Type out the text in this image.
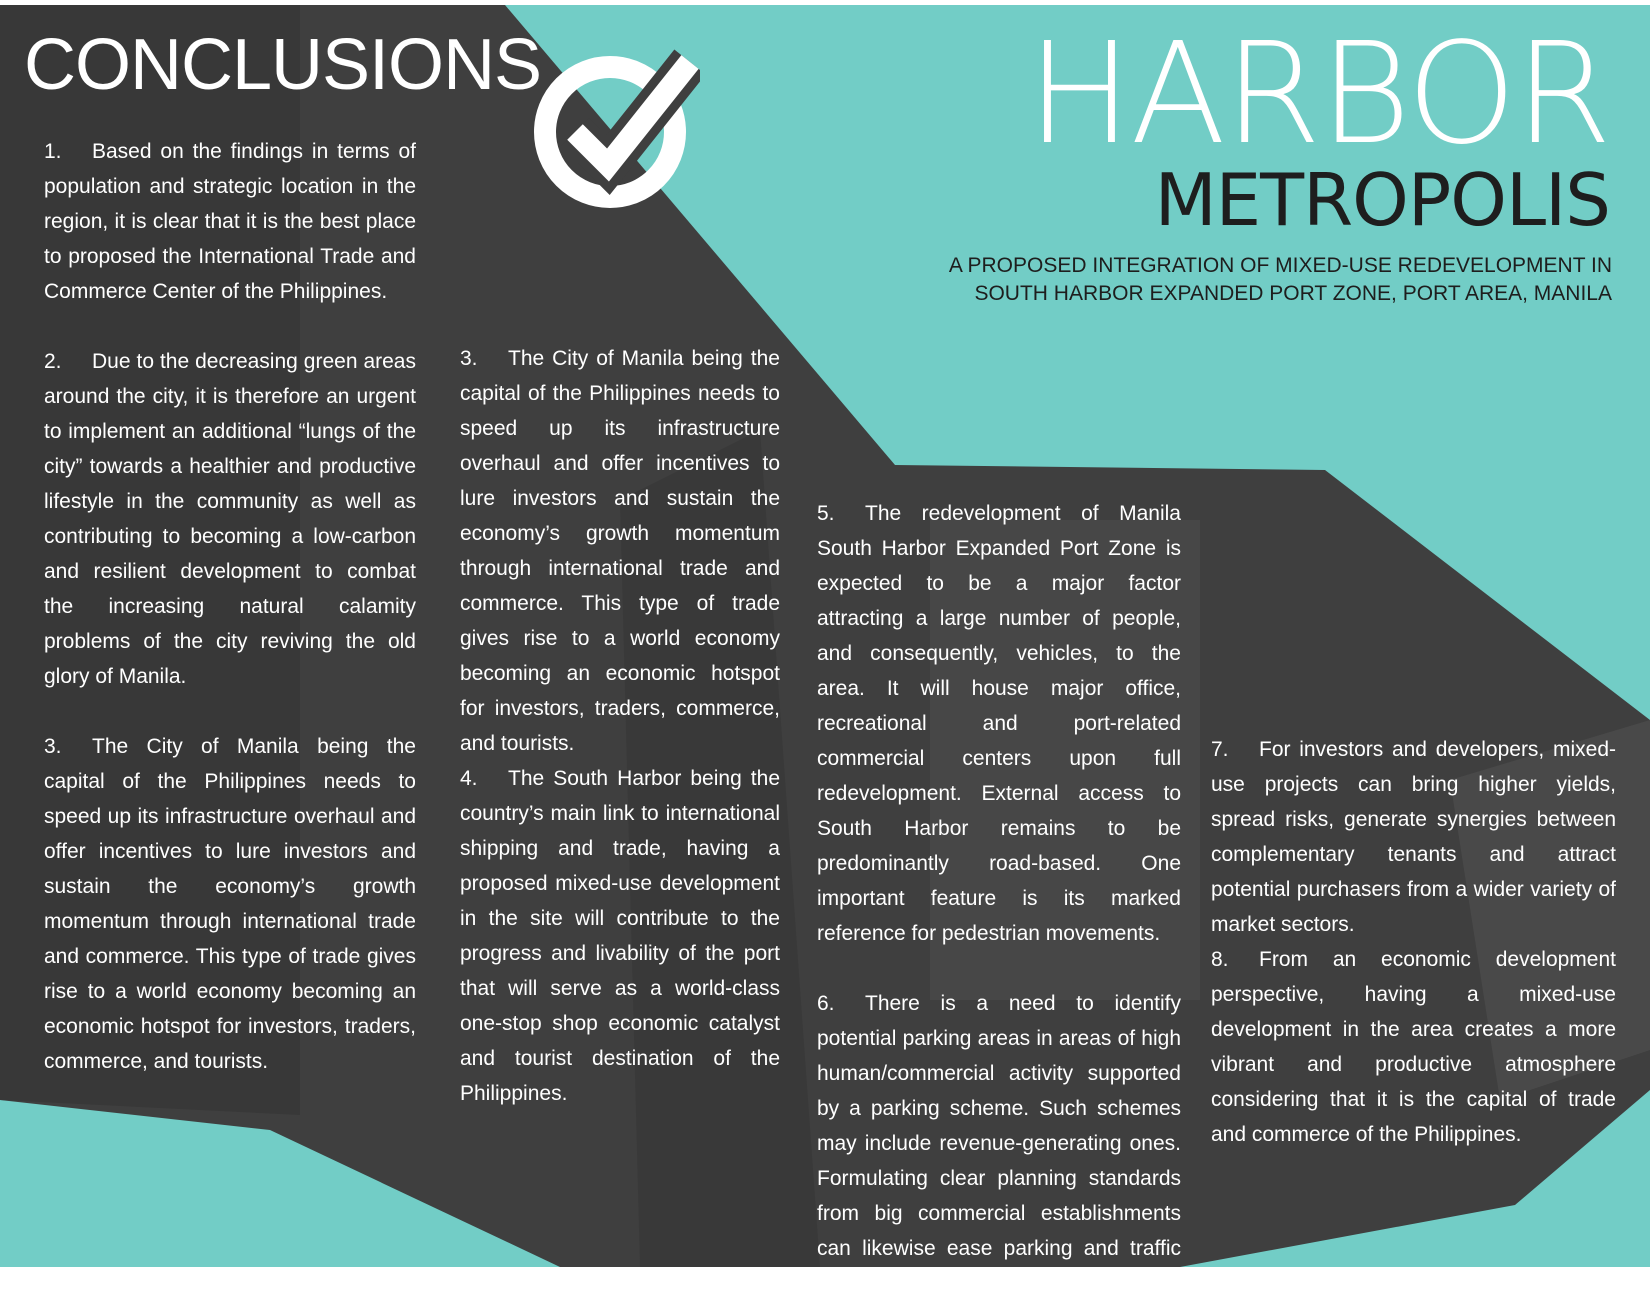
CONCLUSIONS	HARBOR
METROPOLIS
A PROPOSED INTEGRATION OF MIXED-USE REDEVELOPMENT IN
SOUTH HARBOR EXPANDED PORT ZONE, PORT AREA, MANILA

1. Based on the findings in terms of population and strategic location in the region, it is clear that it is the best place to proposed the International Trade and Commerce Center of the Philippines.

2. Due to the decreasing green areas around the city, it is therefore an urgent to implement an additional “lungs of the city” towards a healthier and productive lifestyle in the community as well as contributing to becoming a low-carbon and resilient development to combat the increasing natural calamity problems of the city reviving the old glory of Manila.

3. The City of Manila being the capital of the Philippines needs to speed up its infrastructure overhaul and offer incentives to lure investors and sustain the economy’s growth momentum through international trade and commerce. This type of trade gives rise to a world economy becoming an economic hotspot for investors, traders, commerce, and tourists.

3. The City of Manila being the capital of the Philippines needs to speed up its infrastructure overhaul and offer incentives to lure investors and sustain the economy’s growth momentum through international trade and commerce. This type of trade gives rise to a world economy becoming an economic hotspot for investors, traders, commerce, and tourists.

4. The South Harbor being the country’s main link to international shipping and trade, having a proposed mixed-use development in the site will contribute to the progress and livability of the port that will serve as a world-class one-stop shop economic catalyst and tourist destination of the Philippines.

5. The redevelopment of Manila South Harbor Expanded Port Zone is expected to be a major factor attracting a large number of people, and consequently, vehicles, to the area. It will house major office, recreational and port-related commercial centers upon full redevelopment. External access to South Harbor remains to be predominantly road-based. One important feature is its marked reference for pedestrian movements.

6. There is a need to identify potential parking areas in areas of high human/commercial activity supported by a parking scheme. Such schemes may include revenue-generating ones. Formulating clear planning standards from big commercial establishments can likewise ease parking and traffic problems.

7. For investors and developers, mixed-use projects can bring higher yields, spread risks, generate synergies between complementary tenants and attract potential purchasers from a wider variety of market sectors.

8. From an economic development perspective, having a mixed-use development in the area creates a more vibrant and productive atmosphere considering that it is the capital of trade and commerce of the Philippines.
